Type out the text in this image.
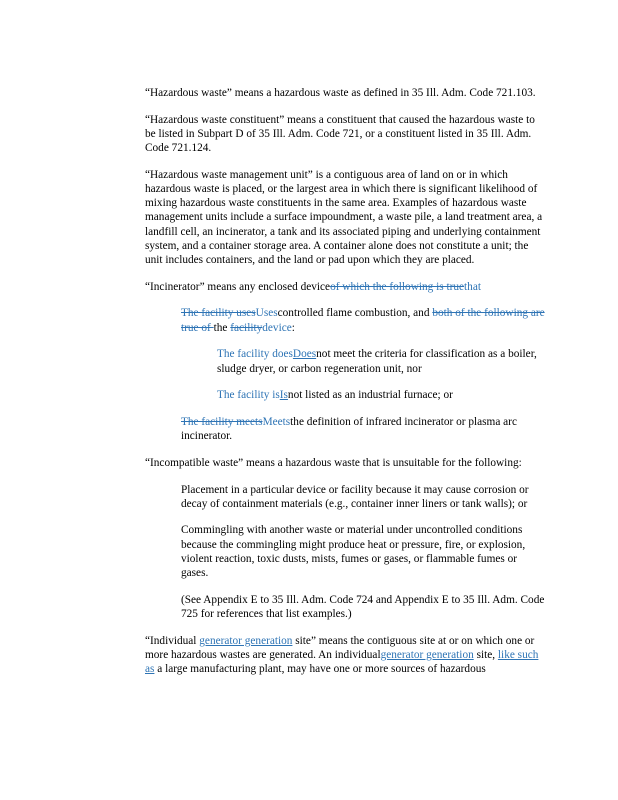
“Hazardous waste” means a hazardous waste as defined in 35 Ill. Adm. Code 721.103.

“Hazardous waste constituent” means a constituent that caused the hazardous waste to be listed in Subpart D of 35 Ill. Adm. Code 721, or a constituent listed in 35 Ill. Adm. Code 721.124.

“Hazardous waste management unit” is a contiguous area of land on or in which hazardous waste is placed, or the largest area in which there is significant likelihood of mixing hazardous waste constituents in the same area. Examples of hazardous waste management units include a surface impoundment, a waste pile, a land treatment area, a landfill cell, an incinerator, a tank and its associated piping and underlying containment system, and a container storage area. A container alone does not constitute a unit; the unit includes containers, and the land or pad upon which they are placed.

“Incinerator” means any enclosed deviceof which the following is truethat

The facility usesUsescontrolled flame combustion, and both of the following are true of the facilitydevice:

The facility doesDoesnot meet the criteria for classification as a boiler, sludge dryer, or carbon regeneration unit, nor

The facility isIsnot listed as an industrial furnace; or

The facility meetsMeetsthe definition of infrared incinerator or plasma arc incinerator.

“Incompatible waste” means a hazardous waste that is unsuitable for the following:

Placement in a particular device or facility because it may cause corrosion or decay of containment materials (e.g., container inner liners or tank walls); or

Commingling with another waste or material under uncontrolled conditions because the commingling might produce heat or pressure, fire, or explosion, violent reaction, toxic dusts, mists, fumes or gases, or flammable fumes or gases.

(See Appendix E to 35 Ill. Adm. Code 724 and Appendix E to 35 Ill. Adm. Code 725 for references that list examples.)

“Individual generator generation site” means the contiguous site at or on which one or more hazardous wastes are generated. An individualgenerator generation site, like such as a large manufacturing plant, may have one or more sources of hazardous
